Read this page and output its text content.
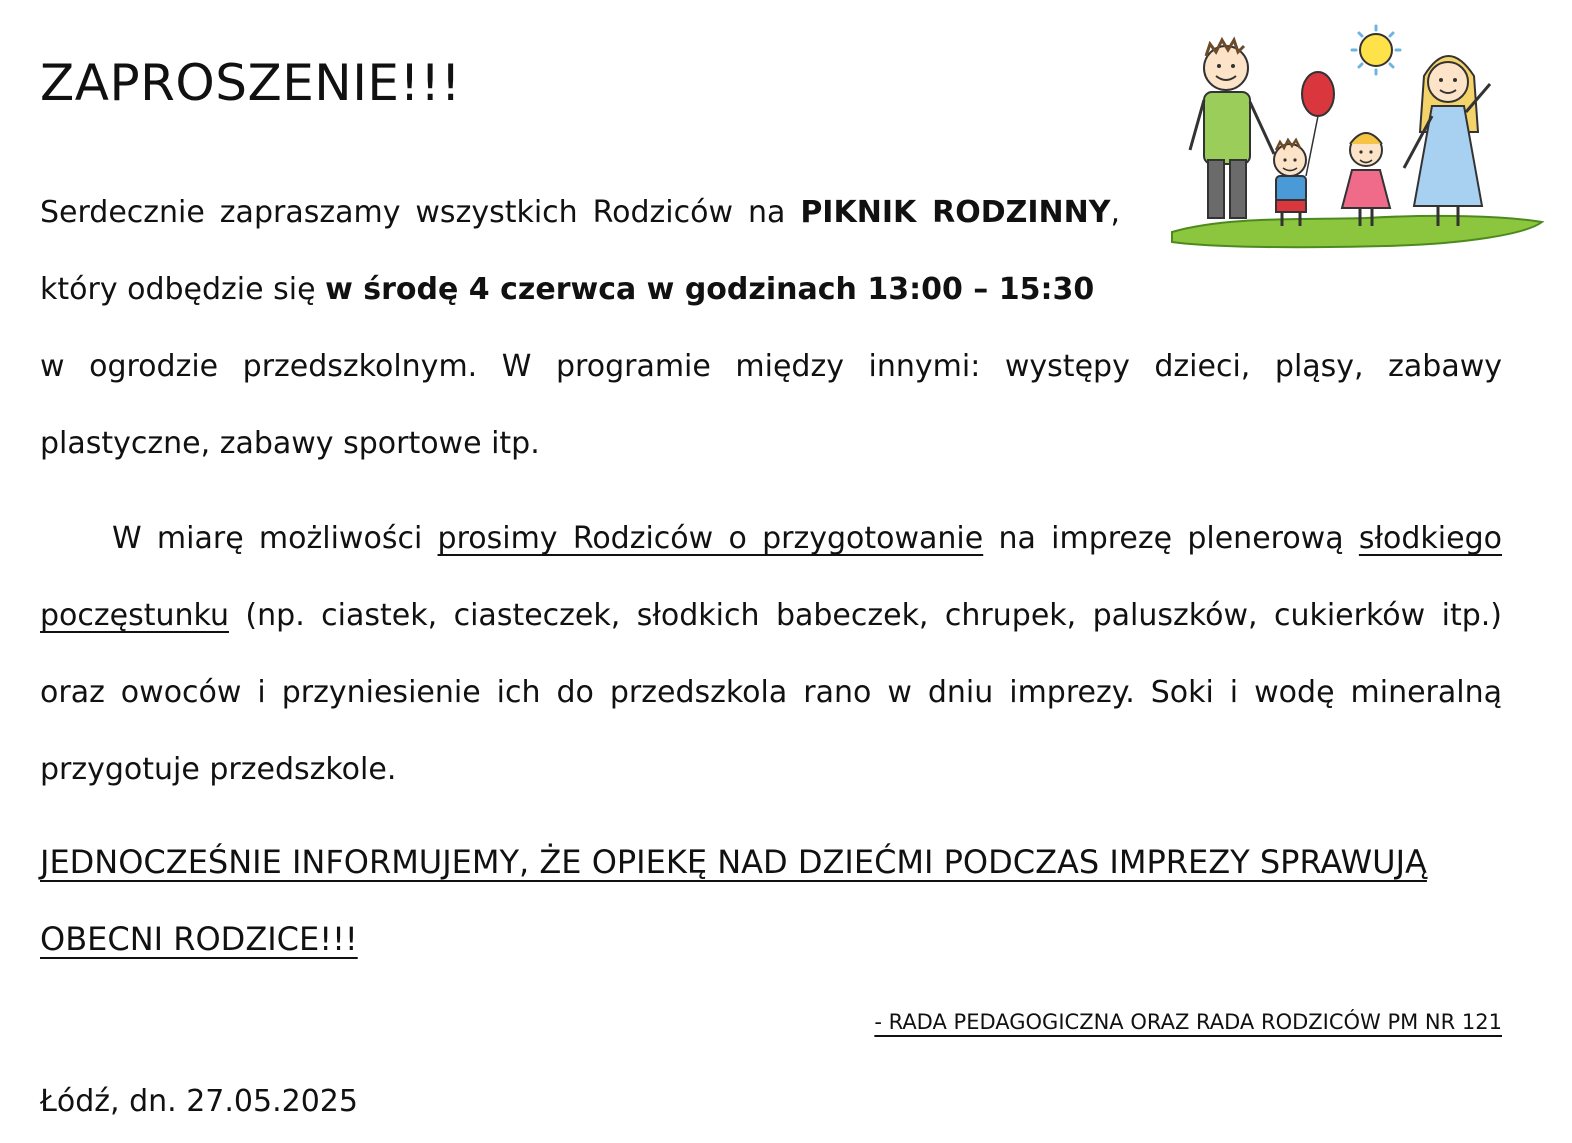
ZAPROSZENIE!!!

Serdecznie zapraszamy wszystkich Rodziców na PIKNIK RODZINNY, który odbędzie się w środę 4 czerwca w godzinach 13:00 – 15:30
w ogrodzie przedszkolnym. W programie między innymi: występy dzieci, pląsy, zabawy plastyczne, zabawy sportowe itp.

W miarę możliwości prosimy Rodziców o przygotowanie na imprezę plenerową słodkiego poczęstunku (np. ciastek, ciasteczek, słodkich babeczek, chrupek, paluszków, cukierków itp.) oraz owoców i przyniesienie ich do przedszkola rano w dniu imprezy. Soki i wodę mineralną przygotuje przedszkole.

JEDNOCZEŚNIE INFORMUJEMY, ŻE OPIEKĘ NAD DZIEĆMI PODCZAS IMPREZY SPRAWUJĄ OBECNI RODZICE!!!

- RADA PEDAGOGICZNA ORAZ RADA RODZICÓW PM NR 121

Łódź, dn. 27.05.2025
